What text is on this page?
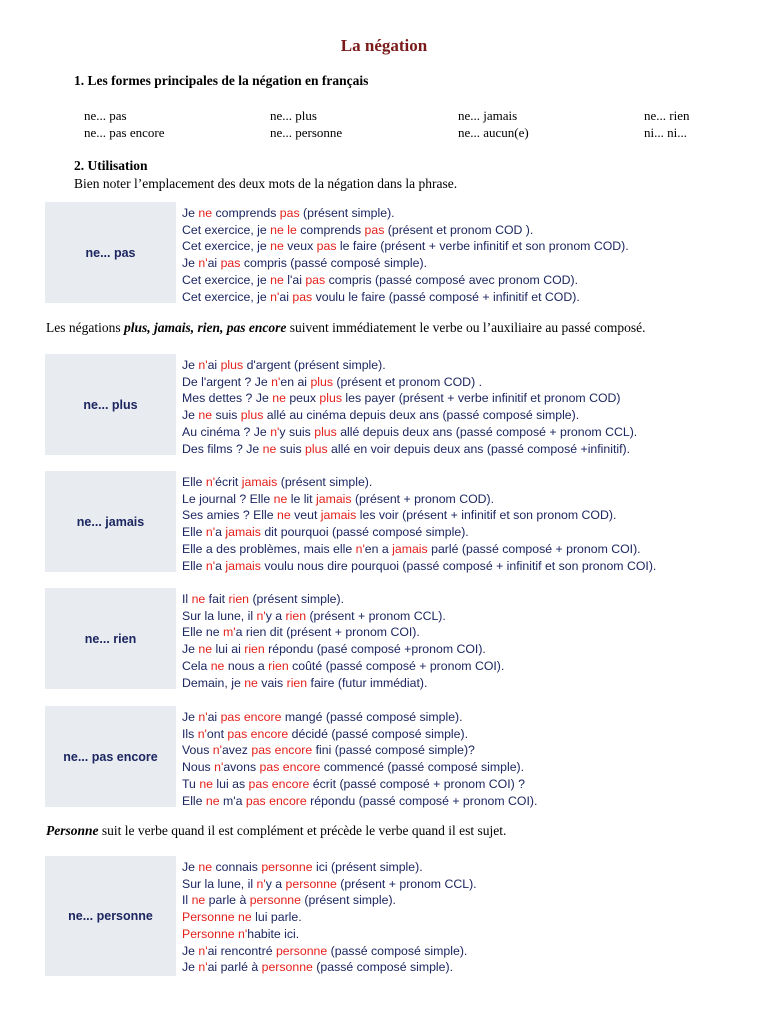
La négation
1. Les formes principales de la négation en français
ne... pas	ne... plus	ne... jamais	ne... rien
ne... pas encore	ne... personne	ne... aucun(e)	ni... ni...
2. Utilisation
Bien noter l’emplacement des deux mots de la négation dans la phrase.
ne... pas
Je ne comprends pas (présent simple).
Cet exercice, je ne le comprends pas (présent et pronom COD ).
Cet exercice, je ne veux pas le faire (présent + verbe infinitif et son pronom COD).
Je n'ai pas compris (passé composé simple).
Cet exercice, je ne l'ai pas compris (passé composé avec pronom COD).
Cet exercice, je n'ai pas voulu le faire (passé composé + infinitif et COD).
Les négations plus, jamais, rien, pas encore suivent immédiatement le verbe ou l’auxiliaire au passé composé.
ne... plus
Je n'ai plus d'argent (présent simple).
De l'argent ? Je n'en ai plus (présent et pronom COD) .
Mes dettes ? Je ne peux plus les payer (présent + verbe infinitif et pronom COD)
Je ne suis plus allé au cinéma depuis deux ans (passé composé simple).
Au cinéma ? Je n'y suis plus allé depuis deux ans (passé composé + pronom CCL).
Des films ? Je ne suis plus allé en voir depuis deux ans (passé composé +infinitif).
ne... jamais
Elle n'écrit jamais (présent simple).
Le journal ? Elle ne le lit jamais (présent + pronom COD).
Ses amies ? Elle ne veut jamais les voir (présent + infinitif et son pronom COD).
Elle n'a jamais dit pourquoi (passé composé simple).
Elle a des problèmes, mais elle n'en a jamais parlé (passé composé + pronom COI).
Elle n'a jamais voulu nous dire pourquoi (passé composé + infinitif et son pronom COI).
ne... rien
Il ne fait rien (présent simple).
Sur la lune, il n'y a rien (présent + pronom CCL).
Elle ne m'a rien dit (présent + pronom COI).
Je ne lui ai rien répondu (pasé composé +pronom COI).
Cela ne nous a rien coûté (passé composé + pronom COI).
Demain, je ne vais rien faire (futur immédiat).
ne... pas encore
Je n'ai pas encore mangé (passé composé simple).
Ils n'ont pas encore décidé (passé composé simple).
Vous n'avez pas encore fini (passé composé simple)?
Nous n'avons pas encore commencé (passé composé simple).
Tu ne lui as pas encore écrit (passé composé + pronom COI) ?
Elle ne m'a pas encore répondu (passé composé + pronom COI).
Personne suit le verbe quand il est complément et précède le verbe quand il est sujet.
ne... personne
Je ne connais personne ici (présent simple).
Sur la lune, il n'y a personne (présent + pronom CCL).
Il ne parle à personne (présent simple).
Personne ne lui parle.
Personne n'habite ici.
Je n'ai rencontré personne (passé composé simple).
Je n'ai parlé à personne (passé composé simple).
